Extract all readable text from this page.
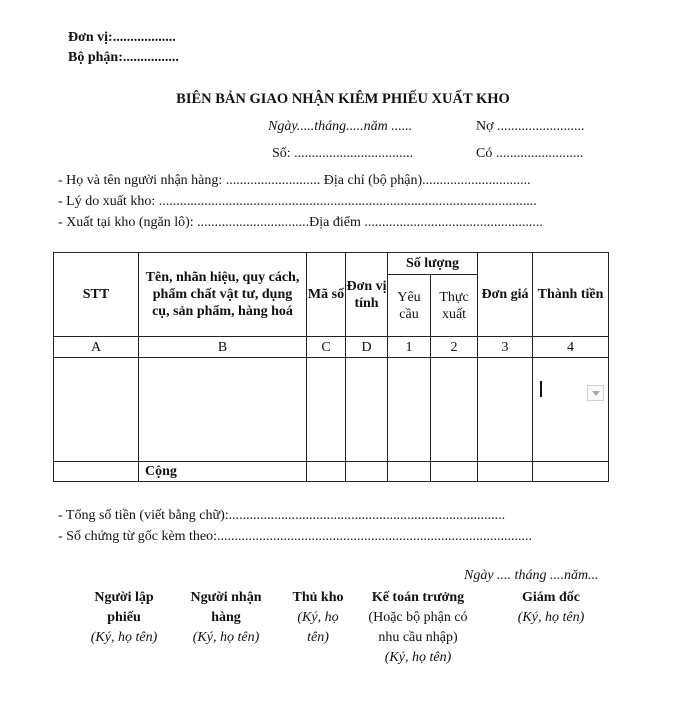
Đơn vị:..................
Bộ phận:................
BIÊN BẢN GIAO NHẬN KIÊM PHIẾU XUẤT KHO
Ngày.....tháng.....năm ......	Nợ .........................
Số: ..................................	Có .........................
- Họ và tên người nhận hàng: ........................... Địa chỉ (bộ phận)...............................
- Lý do xuất kho: ............................................................................................................
- Xuất tại kho (ngăn lô): ................................Địa điểm ...................................................
STT	Tên, nhãn hiệu, quy cách, phẩm chất vật tư, dụng cụ, sản phẩm, hàng hoá	Mã số	Đơn vị tính	Số lượng		Đơn giá	Thành tiền
				Yêu cầu	Thực xuất		
A	B	C	D	1	2	3	4

	Cộng						
- Tổng số tiền (viết bằng chữ):...............................................................................
- Số chứng từ gốc kèm theo:..........................................................................................
Ngày .... tháng ....năm...
Người lập phiếu
(Ký, họ tên)
Người nhận hàng
(Ký, họ tên)
Thủ kho
(Ký, họ tên)
Kế toán trưởng
(Hoặc bộ phận có nhu cầu nhập)
(Ký, họ tên)
Giám đốc
(Ký, họ tên)
